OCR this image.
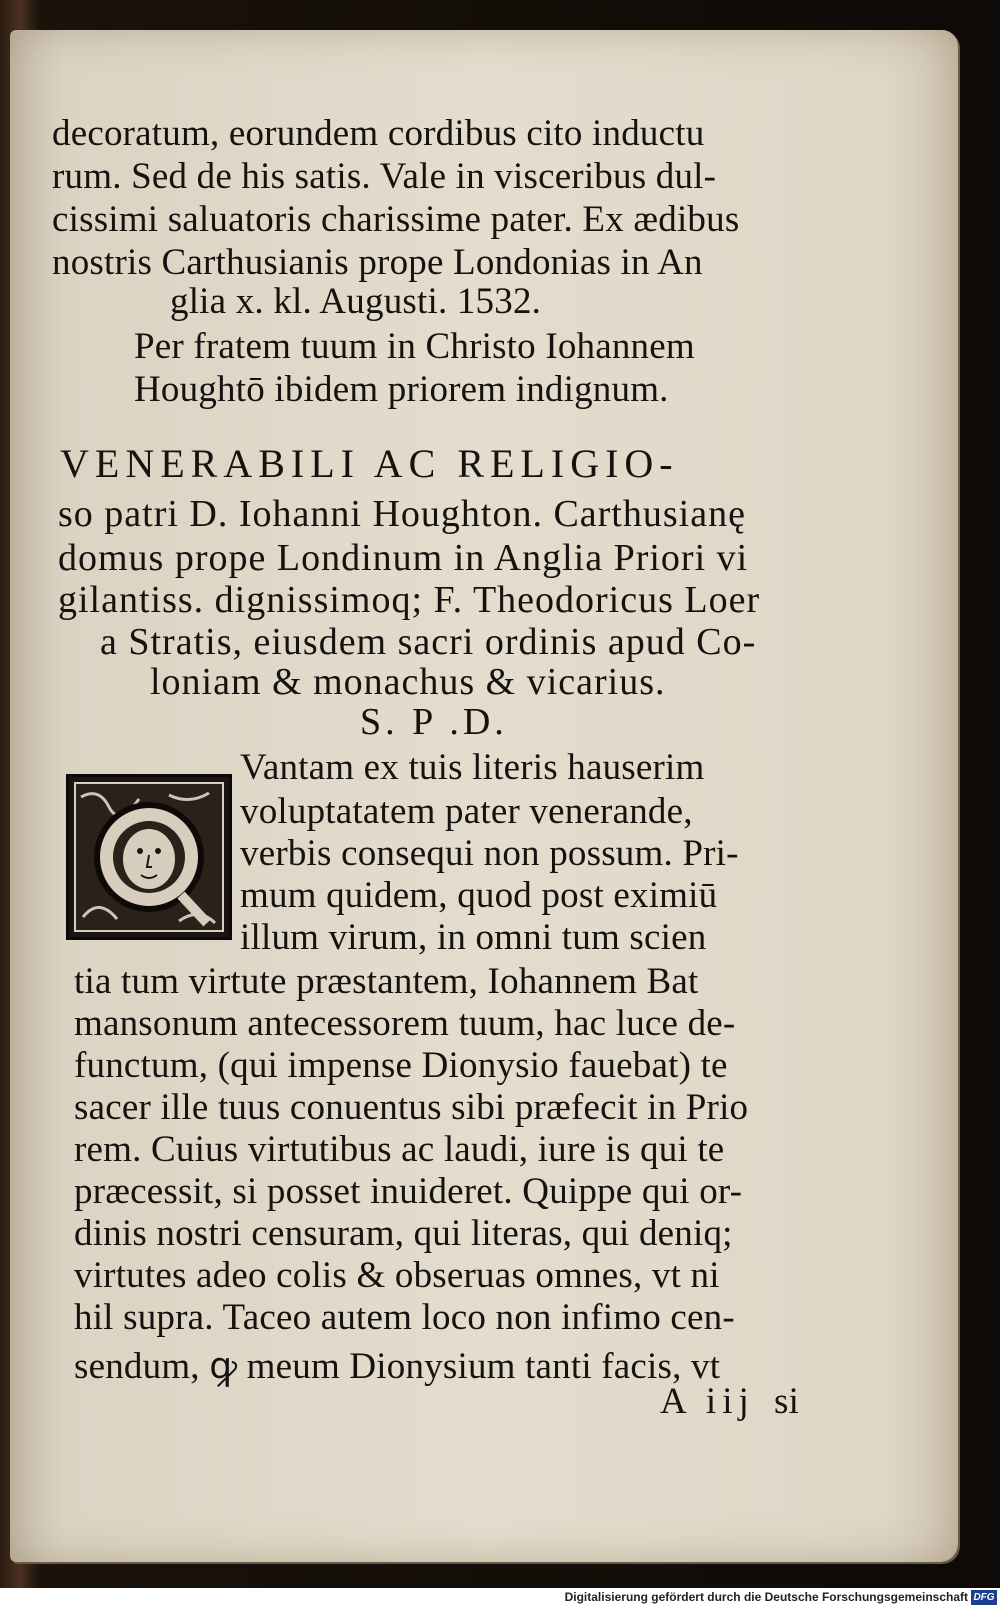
decoratum, eorundem cordibus cito inductu
rum. Sed de his satis. Vale in visceribus dul-
cissimi saluatoris charissime pater. Ex ædibus
nostris Carthusianis prope Londonias in An
glia x. kl. Augusti. 1532.
Per fratem tuum in Christo Iohannem
Houghtō ibidem priorem indignum.
VENERABILI AC RELIGIO-
so patri D. Iohanni Houghton. Carthusianę
domus prope Londinum in Anglia Priori vi
gilantiss. dignissimoq; F. Theodoricus Loer
a Stratis, eiusdem sacri ordinis apud Co-
loniam & monachus & vicarius.
S. P .D.
Vantam ex tuis literis hauserim
voluptatatem pater venerande,
verbis consequi non possum. Pri-
mum quidem, quod post eximiū
illum virum, in omni tum scien
tia tum virtute præstantem, Iohannem Bat
mansonum antecessorem tuum, hac luce de-
functum, (qui impense Dionysio fauebat) te
sacer ille tuus conuentus sibi præfecit in Prio
rem. Cuius virtutibus ac laudi, iure is qui te
præcessit, si posset inuideret. Quippe qui or-
dinis nostri censuram, qui literas, qui deniq;
virtutes adeo colis & obseruas omnes, vt ni
hil supra. Taceo autem loco non infimo cen-
sendum, ꝙ meum Dionysium tanti facis, vt
A iij si
Digitalisierung gefördert durch die Deutsche Forschungsgemeinschaft DFG
